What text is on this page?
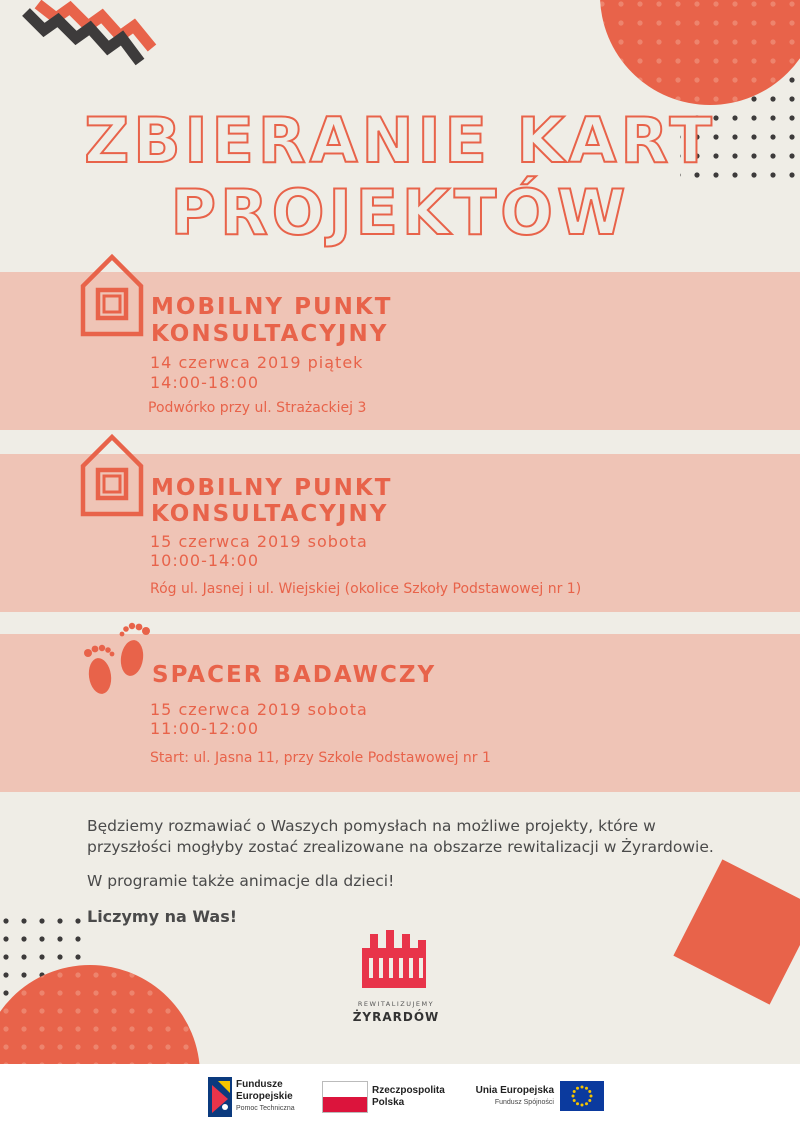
ZBIERANIE KART
PROJEKTÓW
MOBILNY PUNKT
KONSULTACYJNY
14 czerwca 2019 piątek
14:00-18:00
Podwórko przy ul. Strażackiej 3
MOBILNY PUNKT
KONSULTACYJNY
15 czerwca 2019 sobota
10:00-14:00
Róg ul. Jasnej i ul. Wiejskiej (okolice Szkoły Podstawowej nr 1)
SPACER BADAWCZY
15 czerwca 2019 sobota
11:00-12:00
Start: ul. Jasna 11, przy Szkole Podstawowej nr 1
Będziemy rozmawiać o Waszych pomysłach na możliwe projekty, które w
przyszłości mogłyby zostać zrealizowane na obszarze rewitalizacji w Żyrardowie.
W programie także animacje dla dzieci!
Liczymy na Was!
REWITALIZUJEMY
ŻYRARDÓW
Fundusze
Europejskie
Pomoc Techniczna
Rzeczpospolita
Polska
Unia Europejska
Fundusz Spójności
